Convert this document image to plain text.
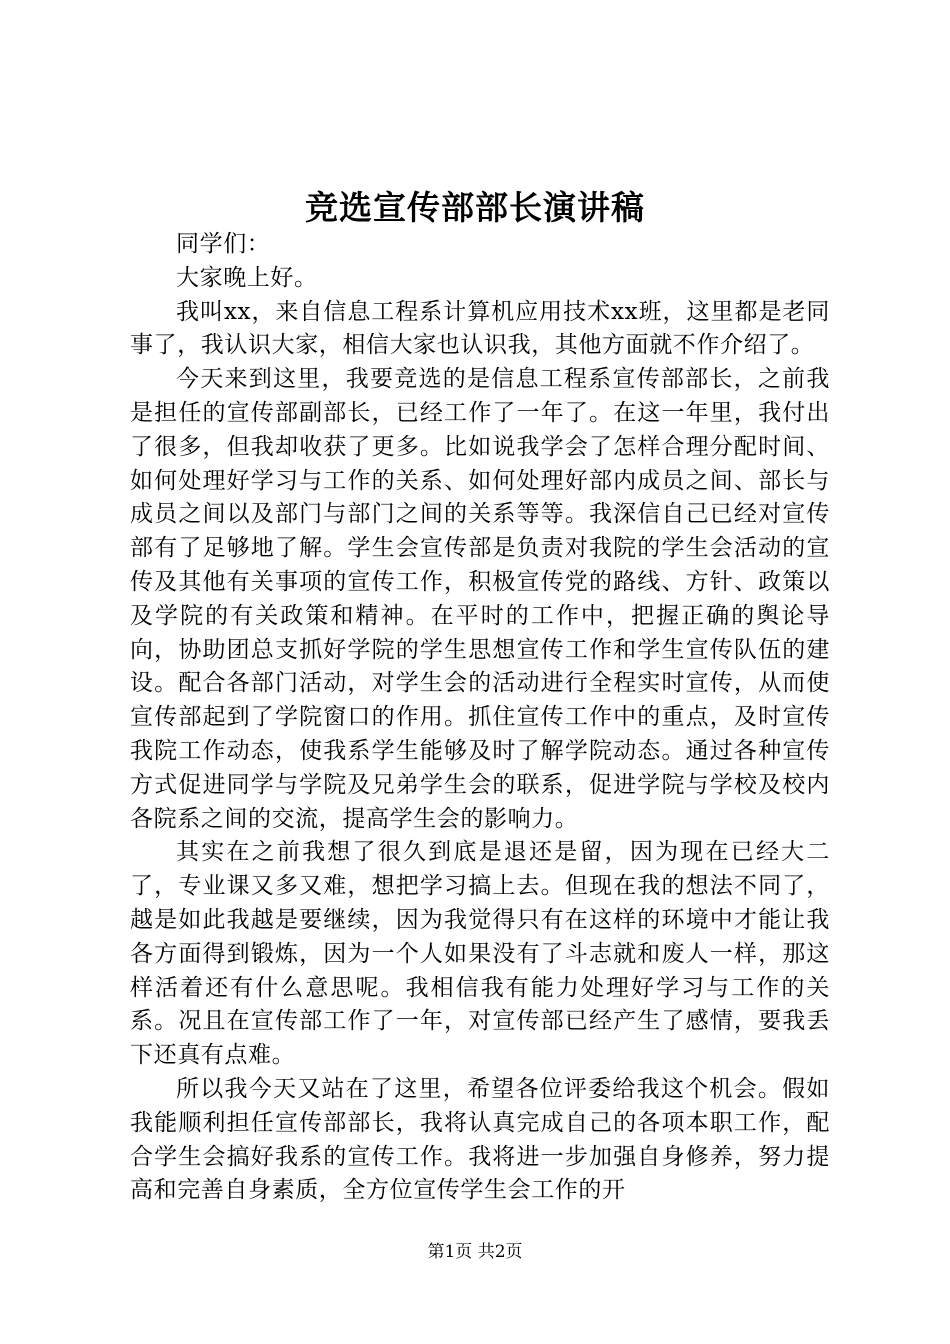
竞选宣传部部长演讲稿

同学们：

大家晚上好。

我叫xx，来自信息工程系计算机应用技术xx班，这里都是老同事了，我认识大家，相信大家也认识我，其他方面就不作介绍了。

今天来到这里，我要竞选的是信息工程系宣传部部长，之前我是担任的宣传部副部长，已经工作了一年了。在这一年里，我付出了很多，但我却收获了更多。比如说我学会了怎样合理分配时间、如何处理好学习与工作的关系、如何处理好部内成员之间、部长与成员之间以及部门与部门之间的关系等等。我深信自己已经对宣传部有了足够地了解。学生会宣传部是负责对我院的学生会活动的宣传及其他有关事项的宣传工作，积极宣传党的路线、方针、政策以及学院的有关政策和精神。在平时的工作中，把握正确的舆论导向，协助团总支抓好学院的学生思想宣传工作和学生宣传队伍的建设。配合各部门活动，对学生会的活动进行全程实时宣传，从而使宣传部起到了学院窗口的作用。抓住宣传工作中的重点，及时宣传我院工作动态，使我系学生能够及时了解学院动态。通过各种宣传方式促进同学与学院及兄弟学生会的联系，促进学院与学校及校内各院系之间的交流，提高学生会的影响力。

其实在之前我想了很久到底是退还是留，因为现在已经大二了，专业课又多又难，想把学习搞上去。但现在我的想法不同了，越是如此我越是要继续，因为我觉得只有在这样的环境中才能让我各方面得到锻炼，因为一个人如果没有了斗志就和废人一样，那这样活着还有什么意思呢。我相信我有能力处理好学习与工作的关系。况且在宣传部工作了一年，对宣传部已经产生了感情，要我丢下还真有点难。

所以我今天又站在了这里，希望各位评委给我这个机会。假如我能顺利担任宣传部部长，我将认真完成自己的各项本职工作，配合学生会搞好我系的宣传工作。我将进一步加强自身修养，努力提高和完善自身素质，全方位宣传学生会工作的开

第1页 共2页
